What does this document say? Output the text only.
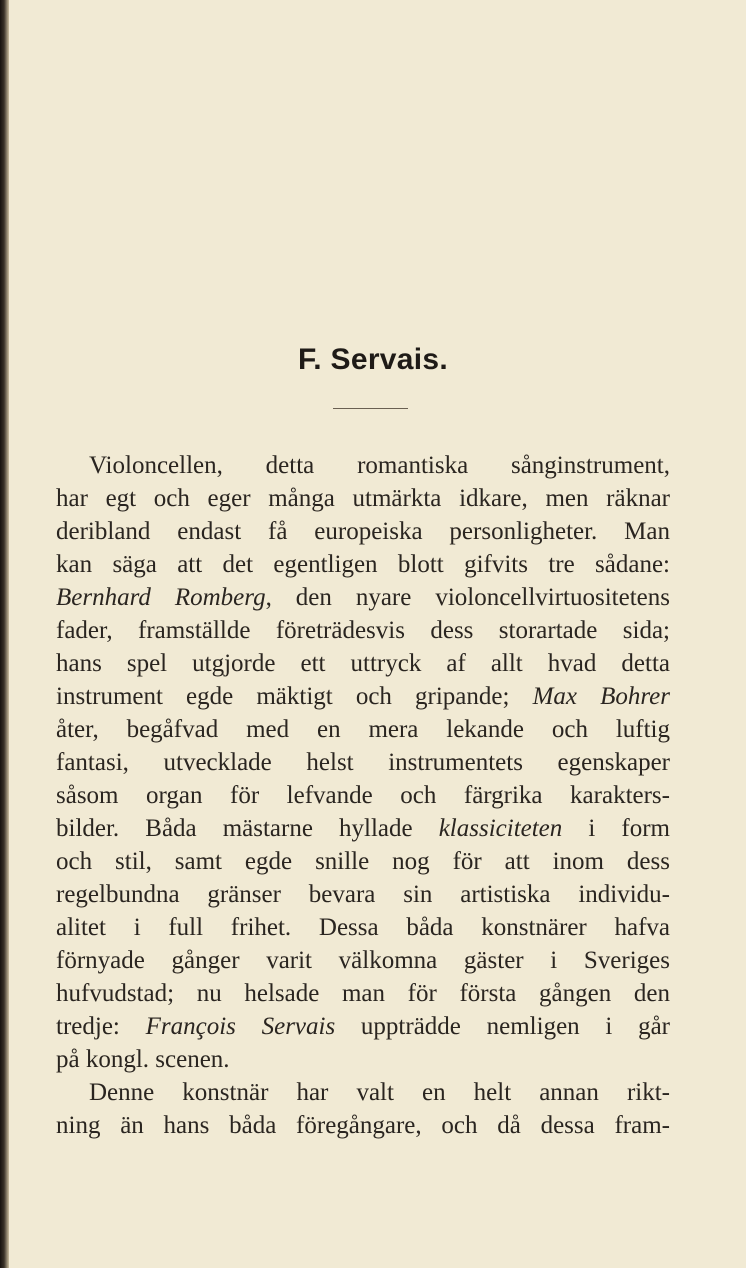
F. Servais.
Violoncellen, detta romantiska sånginstrument,
har egt och eger många utmärkta idkare, men räknar
deribland endast få europeiska personligheter. Man
kan säga att det egentligen blott gifvits tre sådane:
Bernhard Romberg, den nyare violoncellvirtuositetens
fader, framställde företrädesvis dess storartade sida;
hans spel utgjorde ett uttryck af allt hvad detta
instrument egde mäktigt och gripande; Max Bohrer
åter, begåfvad med en mera lekande och luftig
fantasi, utvecklade helst instrumentets egenskaper
såsom organ för lefvande och färgrika karakters-
bilder. Båda mästarne hyllade klassiciteten i form
och stil, samt egde snille nog för att inom dess
regelbundna gränser bevara sin artistiska individu-
alitet i full frihet. Dessa båda konstnärer hafva
förnyade gånger varit välkomna gäster i Sveriges
hufvudstad; nu helsade man för första gången den
tredje: François Servais uppträdde nemligen i går
på kongl. scenen.
Denne konstnär har valt en helt annan rikt-
ning än hans båda föregångare, och då dessa fram-
